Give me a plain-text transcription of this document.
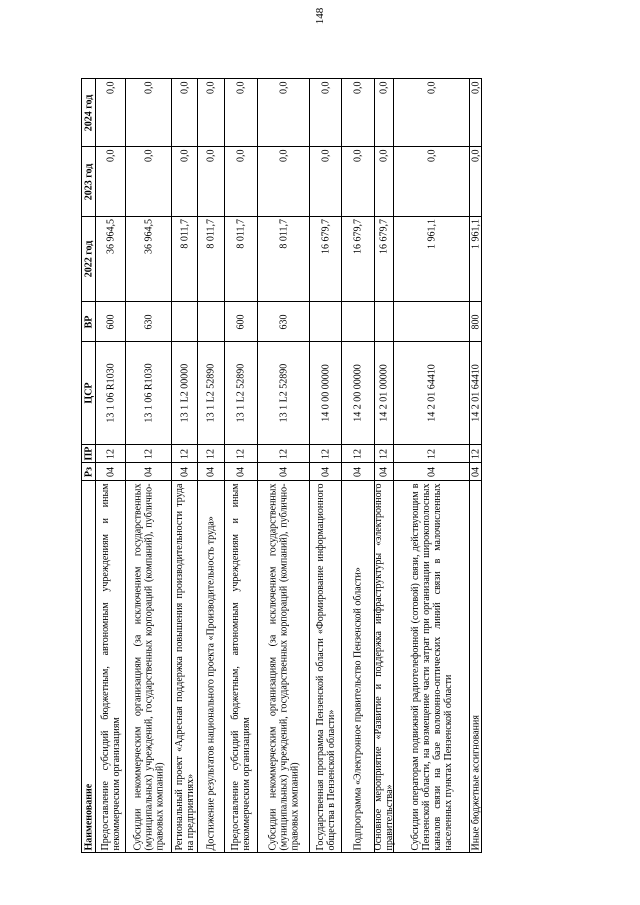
148
Наименование
Рз
ПР
ЦСР
ВР
2022 год
2023 год
2024 год
Предоставление субсидий бюджетным, автономным учреждениям и иным некоммерческим организациям
04
12
13 1 06 R1030
600
36 964,5
0,0
0,0
Субсидии некоммерческим организациям (за исключением государственных (муниципальных) учреждений, государственных корпораций (компаний), публично-правовых компаний)
04
12
13 1 06 R1030
630
36 964,5
0,0
0,0
Региональный проект «Адресная поддержка повышения производительности труда на предприятиях»
04
12
13 1 L2 00000
8 011,7
0,0
0,0
Достижение результатов национального проекта «Производительность труда»
04
12
13 1 L2 52890
8 011,7
0,0
0,0
Предоставление субсидий бюджетным, автономным учреждениям и иным некоммерческим организациям
04
12
13 1 L2 52890
600
8 011,7
0,0
0,0
Субсидии некоммерческим организациям (за исключением государственных (муниципальных) учреждений, государственных корпораций (компаний), публично-правовых компаний)
04
12
13 1 L2 52890
630
8 011,7
0,0
0,0
Государственная программа Пензенской области «Формирование информационного общества в Пензенской области»
04
12
14 0 00 00000
16 679,7
0,0
0,0
Подпрограмма «Электронное правительство Пензенской области»
04
12
14 2 00 00000
16 679,7
0,0
0,0
Основное мероприятие «Развитие и поддержка инфраструктуры «электронного правительства»
04
12
14 2 01 00000
16 679,7
0,0
0,0
Субсидии операторам подвижной радиотелефонной (сотовой) связи, действующим в Пензенской области, на возмещение части затрат при организации широкополосных каналов связи на базе волоконно-оптических линий связи в малочисленных населенных пунктах Пензенской области
04
12
14 2 01 64410
1 961,1
0,0
0,0
Иные бюджетные ассигнования
04
12
14 2 01 64410
800
1 961,1
0,0
0,0
